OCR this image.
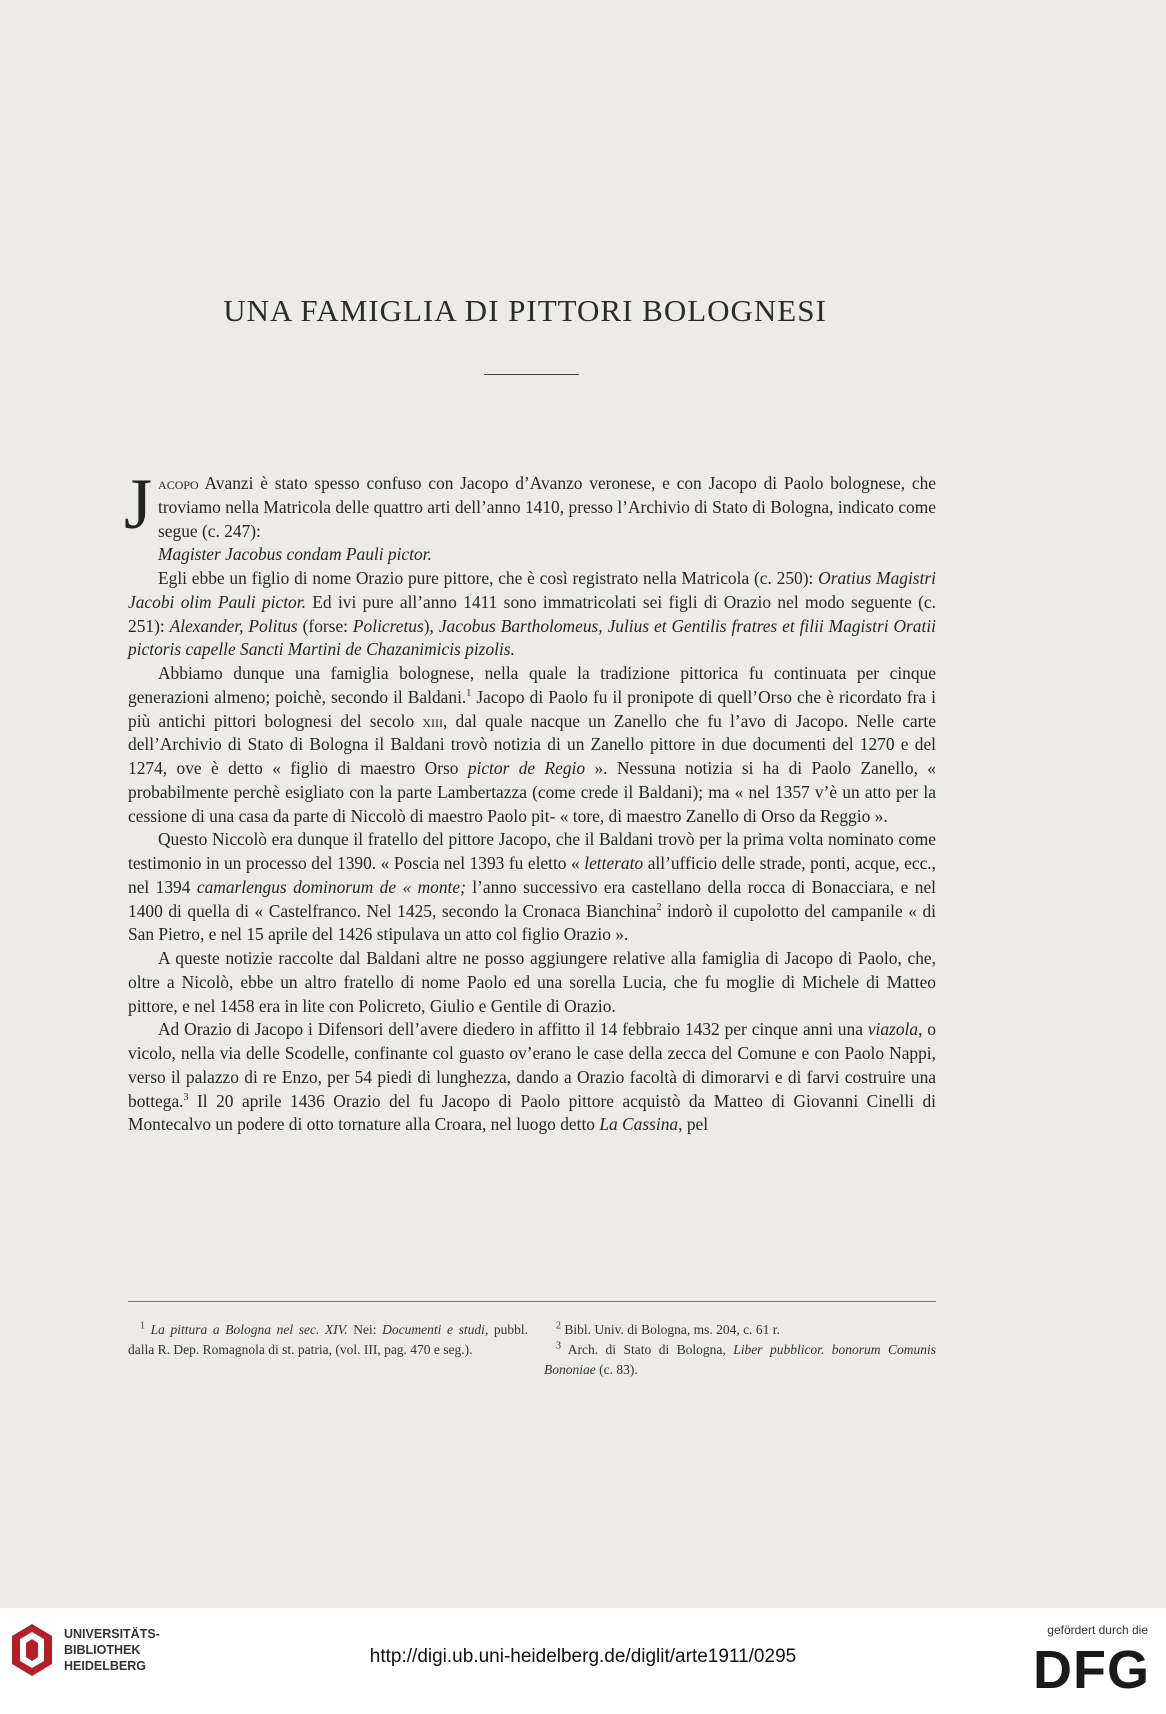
UNA FAMIGLIA DI PITTORI BOLOGNESI

Jacopo Avanzi è stato spesso confuso con Jacopo d’Avanzo veronese, e con Jacopo di Paolo bolognese, che troviamo nella Matricola delle quattro arti dell’anno 1410, presso l’Archivio di Stato di Bologna, indicato come segue (c. 247):

Magister Jacobus condam Pauli pictor.

Egli ebbe un figlio di nome Orazio pure pittore, che è così registrato nella Matricola (c. 250): Oratius Magistri Jacobi olim Pauli pictor. Ed ivi pure all’anno 1411 sono immatricolati sei figli di Orazio nel modo seguente (c. 251): Alexander, Politus (forse: Policretus), Jacobus Bartholomeus, Julius et Gentilis fratres et filii Magistri Oratii pictoris capelle Sancti Martini de Chazanimicis pizolis.

Abbiamo dunque una famiglia bolognese, nella quale la tradizione pittorica fu continuata per cinque generazioni almeno; poichè, secondo il Baldani.$^1$ Jacopo di Paolo fu il pronipote di quell’Orso che è ricordato fra i più antichi pittori bolognesi del secolo xiii, dal quale nacque un Zanello che fu l’avo di Jacopo. Nelle carte dell’Archivio di Stato di Bologna il Baldani trovò notizia di un Zanello pittore in due documenti del 1270 e del 1274, ove è detto « figlio di maestro Orso pictor de Regio ». Nessuna notizia si ha di Paolo Zanello, « probabilmente perchè esigliato con la parte Lambertazza (come crede il Baldani); ma « nel 1357 v’è un atto per la cessione di una casa da parte di Niccolò di maestro Paolo pit- « tore, di maestro Zanello di Orso da Reggio ».

Questo Niccolò era dunque il fratello del pittore Jacopo, che il Baldani trovò per la prima volta nominato come testimonio in un processo del 1390. « Poscia nel 1393 fu eletto « letterato all’ufficio delle strade, ponti, acque, ecc., nel 1394 camarlengus dominorum de « monte; l’anno successivo era castellano della rocca di Bonacciara, e nel 1400 di quella di « Castelfranco. Nel 1425, secondo la Cronaca Bianchina$^2$ indorò il cupolotto del campanile « di San Pietro, e nel 15 aprile del 1426 stipulava un atto col figlio Orazio ».

A queste notizie raccolte dal Baldani altre ne posso aggiungere relative alla famiglia di Jacopo di Paolo, che, oltre a Nicolò, ebbe un altro fratello di nome Paolo ed una sorella Lucia, che fu moglie di Michele di Matteo pittore, e nel 1458 era in lite con Policreto, Giulio e Gentile di Orazio.

Ad Orazio di Jacopo i Difensori dell’avere diedero in affitto il 14 febbraio 1432 per cinque anni una viazola, o vicolo, nella via delle Scodelle, confinante col guasto ov’erano le case della zecca del Comune e con Paolo Nappi, verso il palazzo di re Enzo, per 54 piedi di lunghezza, dando a Orazio facoltà di dimorarvi e di farvi costruire una bottega.$^3$ Il 20 aprile 1436 Orazio del fu Jacopo di Paolo pittore acquistò da Matteo di Giovanni Cinelli di Montecalvo un podere di otto tornature alla Croara, nel luogo detto La Cassina, pel

$^1$ La pittura a Bologna nel sec. XIV. Nei: Documenti e studi, pubbl. dalla R. Dep. Romagnola di st. patria, (vol. III, pag. 470 e seg.).

$^2$ Bibl. Univ. di Bologna, ms. 204, c. 61 r.

$^3$ Arch. di Stato di Bologna, Liber pubblicor. bonorum Comunis Bononiae (c. 83).

UNIVERSITÄTS-
BIBLIOTHEK
HEIDELBERG	http://digi.ub.uni-heidelberg.de/diglit/arte1911/0295
gefördert durch die
DFG
